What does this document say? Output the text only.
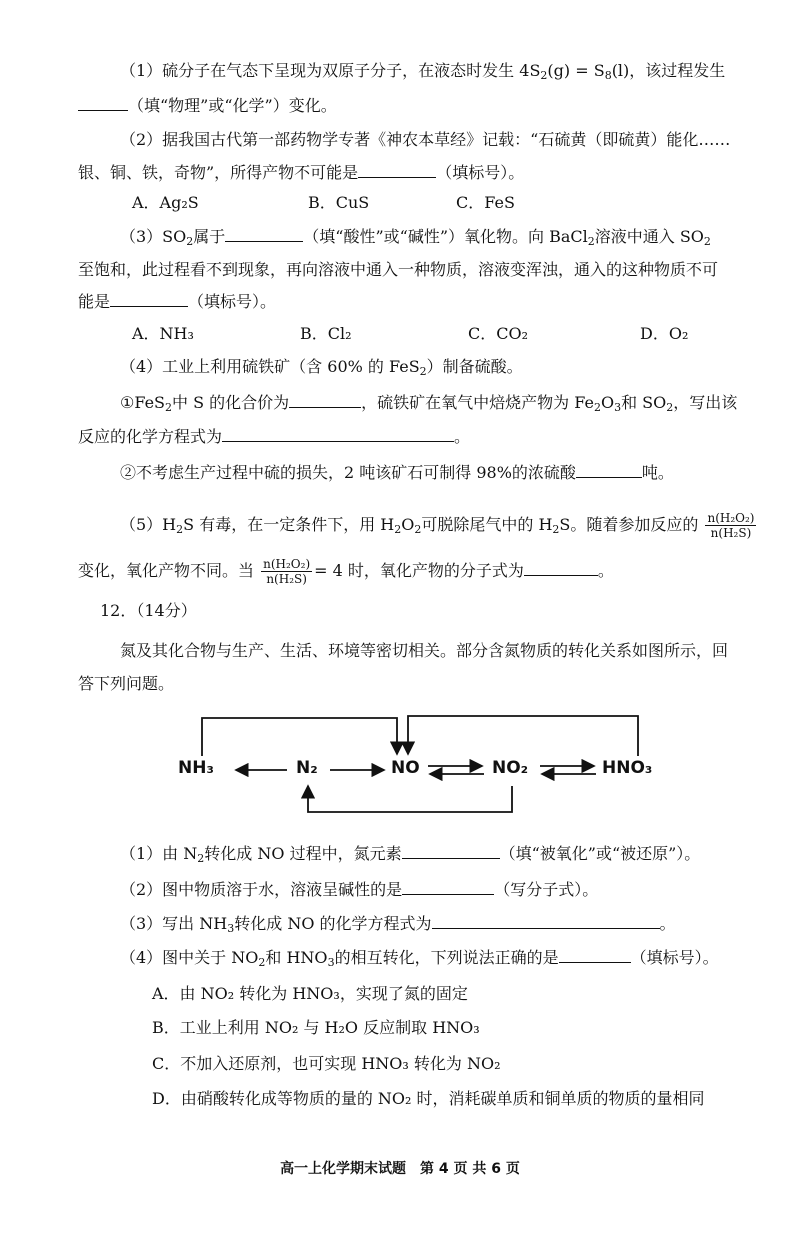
（1）硫分子在气态下呈现为双原子分子，在液态时发生 $4S_2(g) = S_8(l)$，该过程发生
（填“物理”或“化学”）变化。
（2）据我国古代第一部药物学专著《神农本草经》记载：“石硫黄（即硫黄）能化……
银、铜、铁，奇物”，所得产物不可能是	（填标号）。
A．Ag₂S	B．CuS	C．FeS
$(3)SO_2$属于	（填“酸性”或“碱性”）氧化物。向 BaCl$_2$溶液中通入 $SO_2$
至饱和，此过程看不到现象，再向溶液中通入一种物质，溶液变浑浊，通入的这种物质不可
能是	（填标号）。
A．NH₃	B．Cl₂	C．CO₂	D．O₂
（4）工业上利用硫铁矿（含 60% 的 FeS$_2$）制备硫酸。
①FeS$_2$中 S 的化合价为	，硫铁矿在氧气中焙烧产物为 $Fe_2O_3$和 $SO_2$，写出该
反应的化学方程式为	。
②不考虑生产过程中硫的损失，2 吨该矿石可制得 98%的浓硫酸	吨。
$(5)H_2S$ 有毒，在一定条件下，用 $H_2O_2$可脱除尾气中的 $H_2S$。随着参加反应的 $\frac{\text{n(H₂O₂)}}{\text{n(H₂S)}}$
变化，氧化产物不同。当 $\frac{\text{n(H₂O₂)}}{\text{n(H₂S)}} = 4$ 时，氧化产物的分子式为	。
12．（14分）
氮及其化合物与生产、生活、环境等密切相关。部分含氮物质的转化关系如图所示，回
答下列问题。
NH₃	N₂	NO	NO₂	HNO₃
（1）由 $N_2$转化成 NO 过程中，氮元素	（填“被氧化”或“被还原”）。
（2）图中物质溶于水，溶液呈碱性的是	（写分子式）。
（3）写出 $NH_3$转化成 NO 的化学方程式为	。
（4）图中关于 $NO_2$和 $HNO_3$的相互转化，下列说法正确的是	（填标号）。
A．由 NO₂ 转化为 HNO₃，实现了氮的固定
B．工业上利用 NO₂ 与 H₂O 反应制取 HNO₃
C．不加入还原剂，也可实现 HNO₃ 转化为 NO₂
D．由硝酸转化成等物质的量的 NO₂ 时，消耗碳单质和铜单质的物质的量相同
高一上化学期末试题　第 4 页 共 6 页
